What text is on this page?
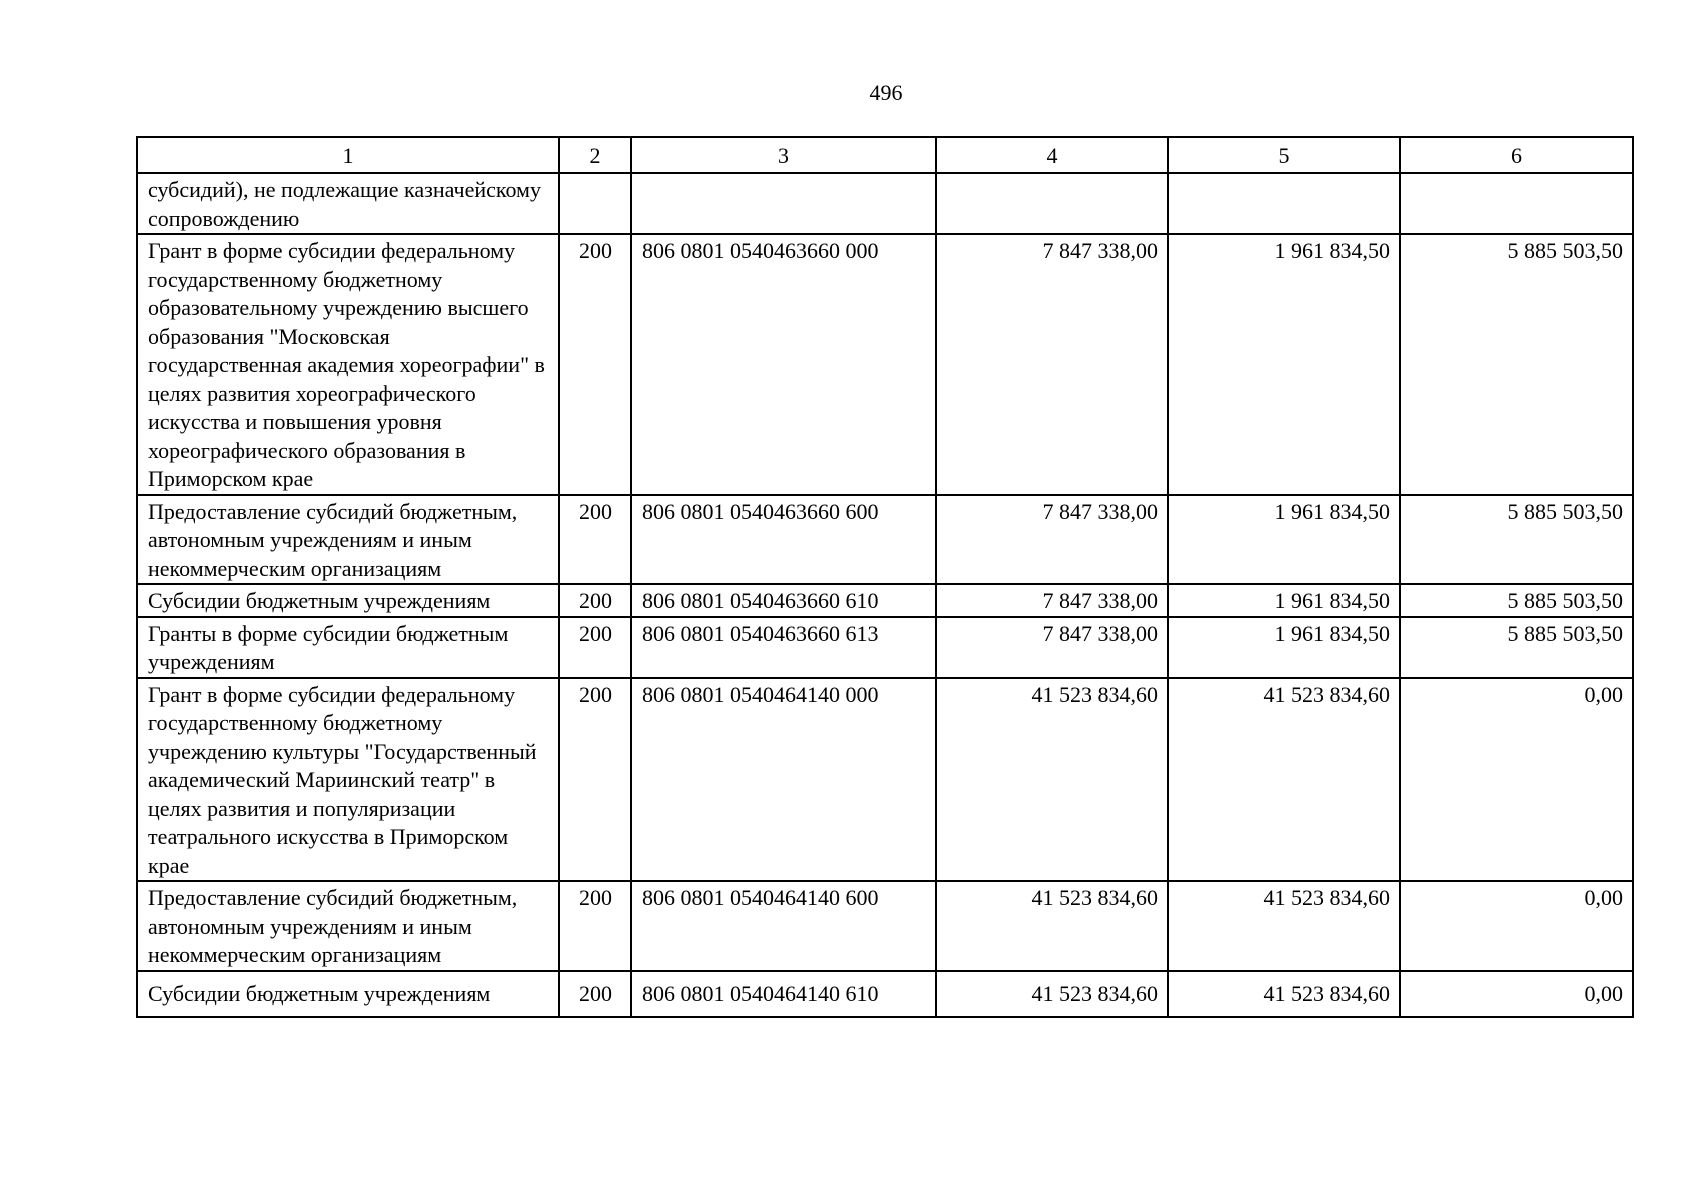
496
1	2	3	4	5	6
субсидий), не подлежащие казначейскому сопровождению					
Грант в форме субсидии федеральному государственному бюджетному образовательному учреждению высшего образования "Московская государственная академия хореографии" в целях развития хореографического искусства и повышения уровня хореографического образования в Приморском крае	200	806 0801 0540463660 000	7 847 338,00	1 961 834,50	5 885 503,50
Предоставление субсидий бюджетным, автономным учреждениям и иным некоммерческим организациям	200	806 0801 0540463660 600	7 847 338,00	1 961 834,50	5 885 503,50
Субсидии бюджетным учреждениям	200	806 0801 0540463660 610	7 847 338,00	1 961 834,50	5 885 503,50
Гранты в форме субсидии бюджетным учреждениям	200	806 0801 0540463660 613	7 847 338,00	1 961 834,50	5 885 503,50
Грант в форме субсидии федеральному государственному бюджетному учреждению культуры "Государственный академический Мариинский театр" в целях развития и популяризации театрального искусства в Приморском крае	200	806 0801 0540464140 000	41 523 834,60	41 523 834,60	0,00
Предоставление субсидий бюджетным, автономным учреждениям и иным некоммерческим организациям	200	806 0801 0540464140 600	41 523 834,60	41 523 834,60	0,00
Субсидии бюджетным учреждениям	200	806 0801 0540464140 610	41 523 834,60	41 523 834,60	0,00
